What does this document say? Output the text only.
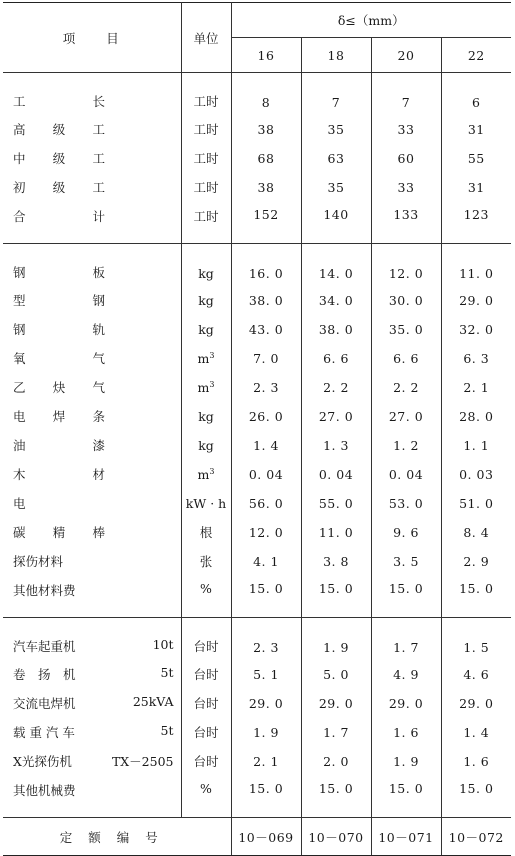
项　　目	单位	δ≤（mm）			
		16	18	20	22

工 长	工时	8	7	7	6

高 级 工	工时	38	35	33	31

中 级 工	工时	68	63	60	55

初 级 工	工时	38	35	33	31

合 计	工时	152	140	133	123

钢 板	kg	16. 0	14. 0	12. 0	11. 0

型 钢	kg	38. 0	34. 0	30. 0	29. 0

钢 轨	kg	43. 0	38. 0	35. 0	32. 0

氧 气	$m^3$	7. 0	6. 6	6. 6	6. 3

乙 炔 气	$m^3$	2. 3	2. 2	2. 2	2. 1

电 焊 条	kg	26. 0	27. 0	27. 0	28. 0

油 漆	kg	1. 4	1. 3	1. 2	1. 1

木 材	$m^3$	0. 04	0. 04	0. 04	0. 03

电	kW · h	56. 0	55. 0	53. 0	51. 0

碳 精 棒	根	12. 0	11. 0	9. 6	8. 4

探伤材料	张	4. 1	3. 8	3. 5	2. 9

其他材料费	%	15. 0	15. 0	15. 0	15. 0

汽车起重机 10t	台时	2. 3	1. 9	1. 7	1. 5

卷　扬　机 5t	台时	5. 1	5. 0	4. 9	4. 6

交流电焊机 25kVA	台时	29. 0	29. 0	29. 0	29. 0

载 重 汽 车 5t	台时	1. 9	1. 7	1. 6	1. 4

X光探伤机 TX－2505	台时	2. 1	2. 0	1. 9	1. 6

其他机械费	%	15. 0	15. 0	15. 0	15. 0
定额编号		10－069	10－070	10－071	10－072
